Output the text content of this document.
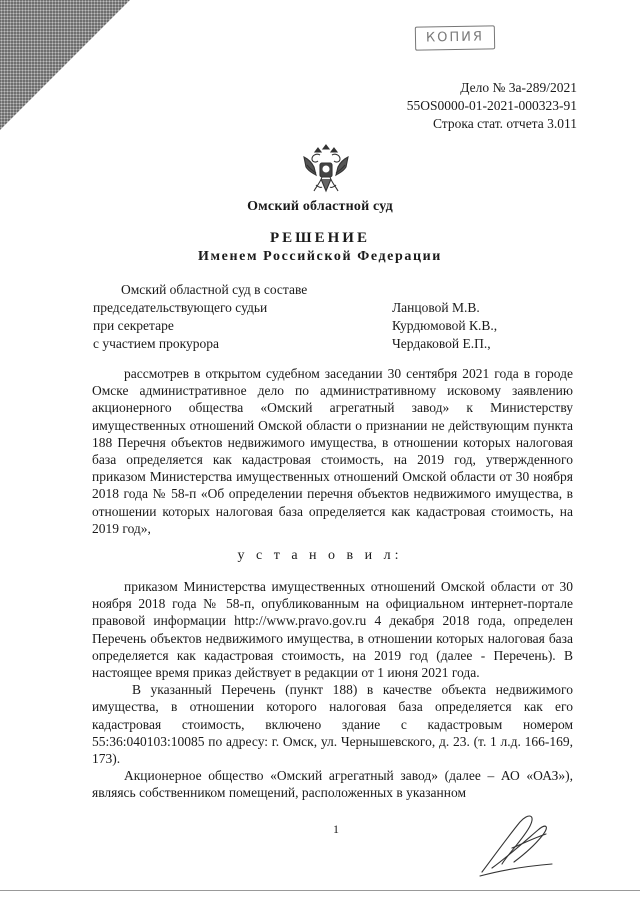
КОПИЯ
Дело № 3а-289/2021
55OS0000-01-2021-000323-91
Строка стат. отчета 3.011
Омский областной суд
РЕШЕНИЕ
Именем Российской Федерации
Омский областной суд в составе
председательствующего судьи
при секретаре
с участием прокурора
Ланцовой М.В.
Курдюмовой К.В.,
Чердаковой Е.П.,

рассмотрев в открытом судебном заседании 30 сентября 2021 года в городе Омске административное дело по административному исковому заявлению акционерного общества «Омский агрегатный завод» к Министерству имущественных отношений Омской области о признании не действующим пункта 188 Перечня объектов недвижимого имущества, в отношении которых налоговая база определяется как кадастровая стоимость, на 2019 год, утвержденного приказом Министерства имущественных отношений Омской области от 30 ноября 2018 года № 58-п «Об определении перечня объектов недвижимого имущества, в отношении которых налоговая база определяется как кадастровая стоимость, на 2019 год»,

у с т а н о в и л:

приказом Министерства имущественных отношений Омской области от 30 ноября 2018 года № 58-п, опубликованным на официальном интернет-портале правовой информации http://www.pravo.gov.ru 4 декабря 2018 года, определен Перечень объектов недвижимого имущества, в отношении которых налоговая база определяется как кадастровая стоимость, на 2019 год (далее - Перечень). В настоящее время приказ действует в редакции от 1 июня 2021 года.

В указанный Перечень (пункт 188) в качестве объекта недвижимого имущества, в отношении которого налоговая база определяется как его кадастровая стоимость, включено здание с кадастровым номером 55:36:040103:10085 по адресу: г. Омск, ул. Чернышевского, д. 23. (т. 1 л.д. 166-169, 173).

Акционерное общество «Омский агрегатный завод» (далее – АО «ОАЗ»), являясь собственником помещений, расположенных в указанном

1
